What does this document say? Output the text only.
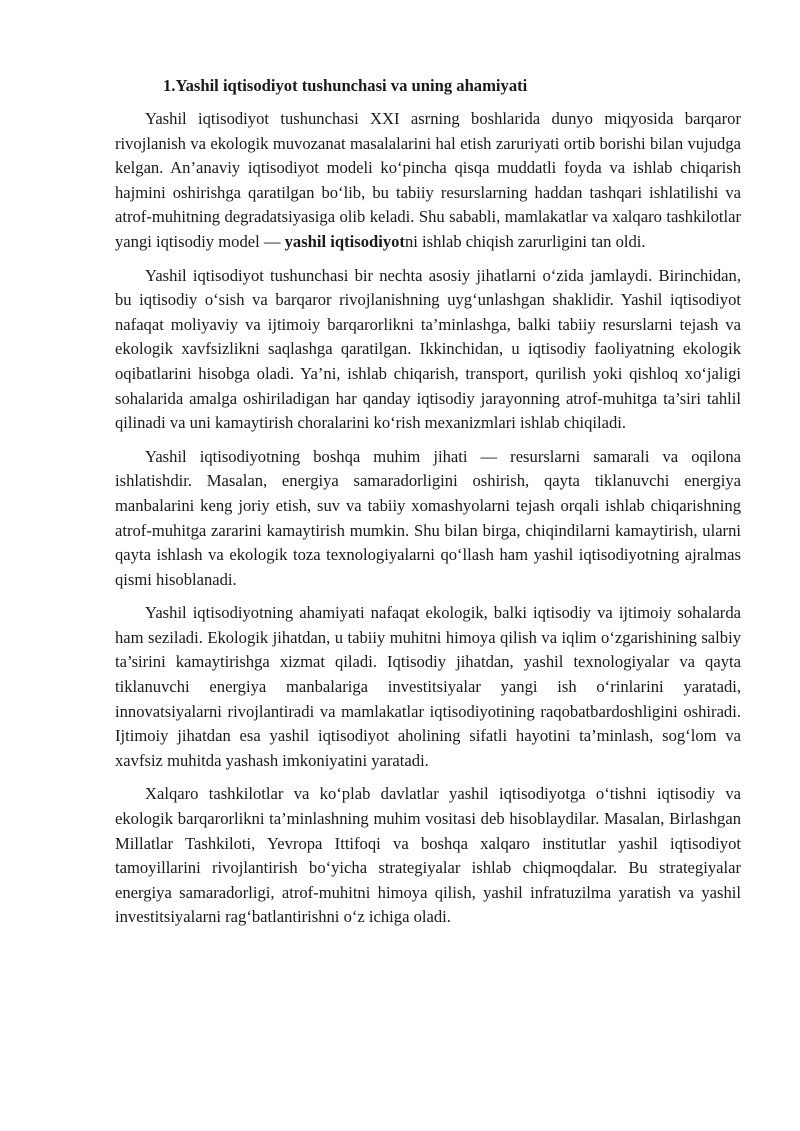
1.Yashil iqtisodiyot tushunchasi va uning ahamiyati

Yashil iqtisodiyot tushunchasi XXI asrning boshlarida dunyo miqyosida barqaror rivojlanish va ekologik muvozanat masalalarini hal etish zaruriyati ortib borishi bilan vujudga kelgan. An’anaviy iqtisodiyot modeli ko‘pincha qisqa muddatli foyda va ishlab chiqarish hajmini oshirishga qaratilgan bo‘lib, bu tabiiy resurslarning haddan tashqari ishlatilishi va atrof-muhitning degradatsiyasiga olib keladi. Shu sababli, mamlakatlar va xalqaro tashkilotlar yangi iqtisodiy model — yashil iqtisodiyotni ishlab chiqish zarurligini tan oldi.

Yashil iqtisodiyot tushunchasi bir nechta asosiy jihatlarni o‘zida jamlaydi. Birinchidan, bu iqtisodiy o‘sish va barqaror rivojlanishning uyg‘unlashgan shaklidir. Yashil iqtisodiyot nafaqat moliyaviy va ijtimoiy barqarorlikni ta’minlashga, balki tabiiy resurslarni tejash va ekologik xavfsizlikni saqlashga qaratilgan. Ikkinchidan, u iqtisodiy faoliyatning ekologik oqibatlarini hisobga oladi. Ya’ni, ishlab chiqarish, transport, qurilish yoki qishloq xo‘jaligi sohalarida amalga oshiriladigan har qanday iqtisodiy jarayonning atrof-muhitga ta’siri tahlil qilinadi va uni kamaytirish choralarini ko‘rish mexanizmlari ishlab chiqiladi.

Yashil iqtisodiyotning boshqa muhim jihati — resurslarni samarali va oqilona ishlatishdir. Masalan, energiya samaradorligini oshirish, qayta tiklanuvchi energiya manbalarini keng joriy etish, suv va tabiiy xomashyolarni tejash orqali ishlab chiqarishning atrof-muhitga zararini kamaytirish mumkin. Shu bilan birga, chiqindilarni kamaytirish, ularni qayta ishlash va ekologik toza texnologiyalarni qo‘llash ham yashil iqtisodiyotning ajralmas qismi hisoblanadi.

Yashil iqtisodiyotning ahamiyati nafaqat ekologik, balki iqtisodiy va ijtimoiy sohalarda ham seziladi. Ekologik jihatdan, u tabiiy muhitni himoya qilish va iqlim o‘zgarishining salbiy ta’sirini kamaytirishga xizmat qiladi. Iqtisodiy jihatdan, yashil texnologiyalar va qayta tiklanuvchi energiya manbalariga investitsiyalar yangi ish o‘rinlarini yaratadi, innovatsiyalarni rivojlantiradi va mamlakatlar iqtisodiyotining raqobatbardoshligini oshiradi. Ijtimoiy jihatdan esa yashil iqtisodiyot aholining sifatli hayotini ta’minlash, sog‘lom va xavfsiz muhitda yashash imkoniyatini yaratadi.

Xalqaro tashkilotlar va ko‘plab davlatlar yashil iqtisodiyotga o‘tishni iqtisodiy va ekologik barqarorlikni ta’minlashning muhim vositasi deb hisoblaydilar. Masalan, Birlashgan Millatlar Tashkiloti, Yevropa Ittifoqi va boshqa xalqaro institutlar yashil iqtisodiyot tamoyillarini rivojlantirish bo‘yicha strategiyalar ishlab chiqmoqdalar. Bu strategiyalar energiya samaradorligi, atrof-muhitni himoya qilish, yashil infratuzilma yaratish va yashil investitsiyalarni rag‘batlantirishni o‘z ichiga oladi.
